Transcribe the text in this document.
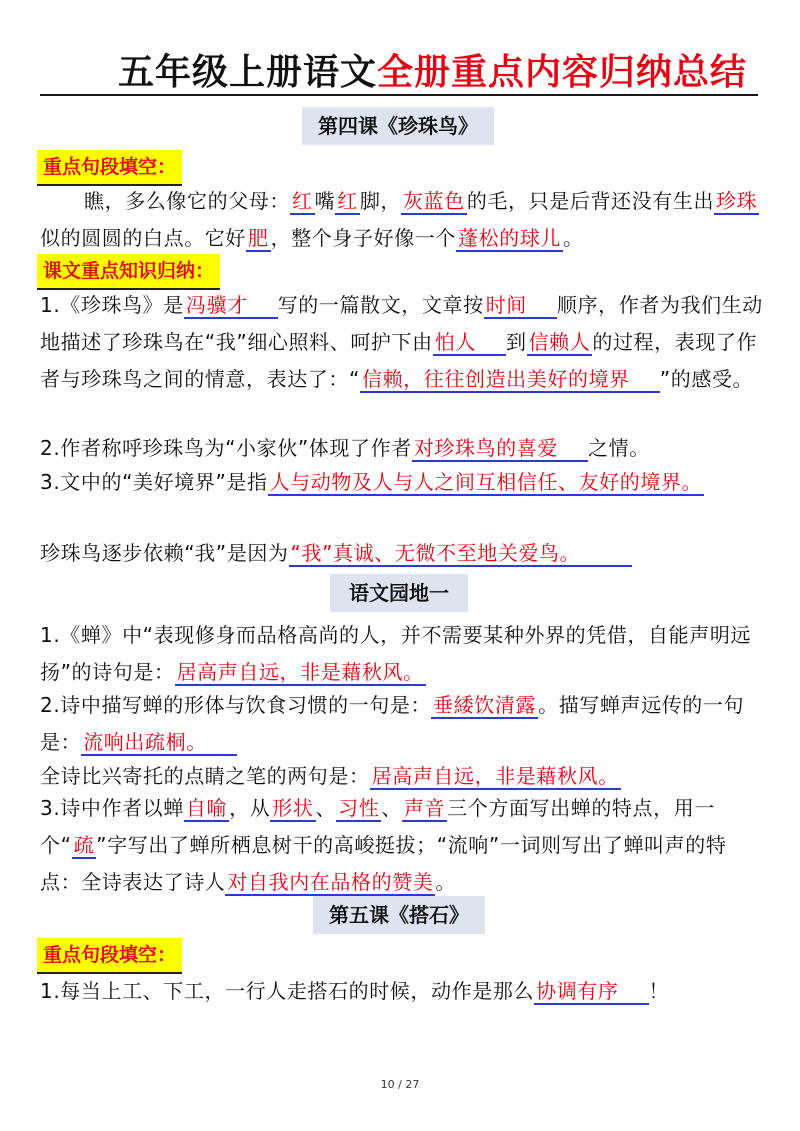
五年级上册语文全册重点内容归纳总结
第四课《珍珠鸟》
重点句段填空：
瞧，多么像它的父母： 红 嘴 红 脚， 灰蓝色 的毛，只是后背还没有生出 珍珠似的圆圆的白点。它好 肥 ，整个身子好像一个 蓬松的球儿 。
课文重点知识归纳：
1.《珍珠鸟》是 冯骥才 写的一篇散文，文章按 时间 顺序，作者为我们生动地描述了珍珠鸟在“我”细心照料、呵护下由 怕人 到 信赖人 的过程，表现了作者与珍珠鸟之间的情意，表达了：“ 信赖，往往创造出美好的境界 ”的感受。
2.作者称呼珍珠鸟为“小家伙”体现了作者 对珍珠鸟的喜爱 之情。
3.文中的“美好境界”是指 人与动物及人与人之间互相信任、友好的境界。
珍珠鸟逐步依赖“我”是因为 “我”真诚、无微不至地关爱鸟。
语文园地一
1.《蝉》中“表现修身而品格高尚的人，并不需要某种外界的凭借，自能声明远扬”的诗句是： 居高声自远，非是藉秋风。
2.诗中描写蝉的形体与饮食习惯的一句是： 垂緌饮清露 。描写蝉声远传的一句是： 流响出疏桐。
全诗比兴寄托的点睛之笔的两句是： 居高声自远，非是藉秋风。
3.诗中作者以蝉 自喻 ，从 形状 、 习性 、 声音 三个方面写出蝉的特点，用一个“ 疏 ”字写出了蝉所栖息树干的高峻挺拔；“流响”一词则写出了蝉叫声的特点：全诗表达了诗人 对自我内在品格的赞美 。
第五课《搭石》
重点句段填空：
1.每当上工、下工，一行人走搭石的时候，动作是那么 协调有序 ！
10 / 27
